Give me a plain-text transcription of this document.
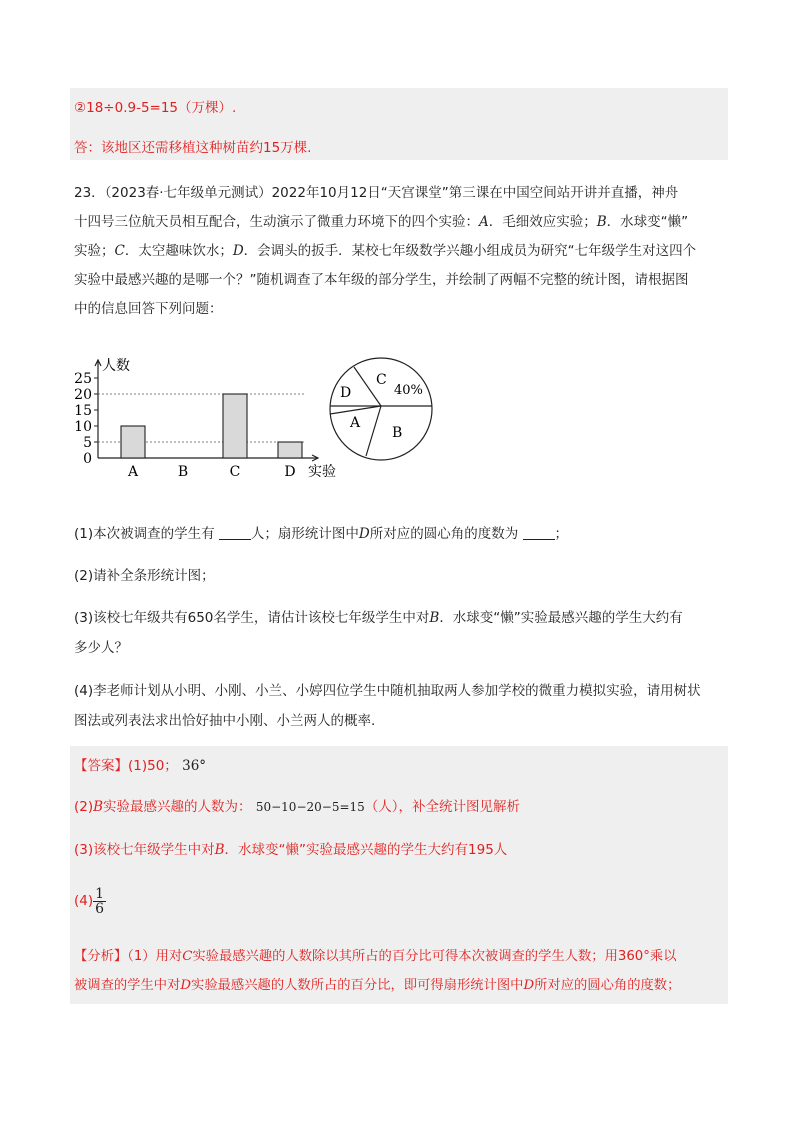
②18÷0.9-5=15（万棵）.
答：该地区还需移植这种树苗约15万棵.
23．（2023春·七年级单元测试）2022年10月12日“天宫课堂”第三课在中国空间站开讲并直播，神舟
十四号三位航天员相互配合，生动演示了微重力环境下的四个实验：A．毛细效应实验；B．水球变“懒”
实验；C．太空趣味饮水；D．会调头的扳手．某校七年级数学兴趣小组成员为研究“七年级学生对这四个
实验中最感兴趣的是哪一个？”随机调查了本年级的部分学生，并绘制了两幅不完整的统计图，请根据图
中的信息回答下列问题：
人数
实验
0
5
10
15
20
25
A	B	C	D
C
40%
D
A
B
(1)本次被调查的学生有	人；扇形统计图中D所对应的圆心角的度数为	；
(2)请补全条形统计图；
(3)该校七年级共有650名学生，请估计该校七年级学生中对B．水球变“懒”实验最感兴趣的学生大约有
多少人？
(4)李老师计划从小明、小刚、小兰、小婷四位学生中随机抽取两人参加学校的微重力模拟实验，请用树状
图法或列表法求出恰好抽中小刚、小兰两人的概率.
【答案】(1)50； 36°
(2)B实验最感兴趣的人数为： 50−10−20−5=15（人），补全统计图见解析
(3)该校七年级学生中对B．水球变“懒”实验最感兴趣的学生大约有195人
$(4) \frac{1}{6}$
【分析】（1）用对C实验最感兴趣的人数除以其所占的百分比可得本次被调查的学生人数；用360°乘以
被调查的学生中对D实验最感兴趣的人数所占的百分比，即可得扇形统计图中D所对应的圆心角的度数；
